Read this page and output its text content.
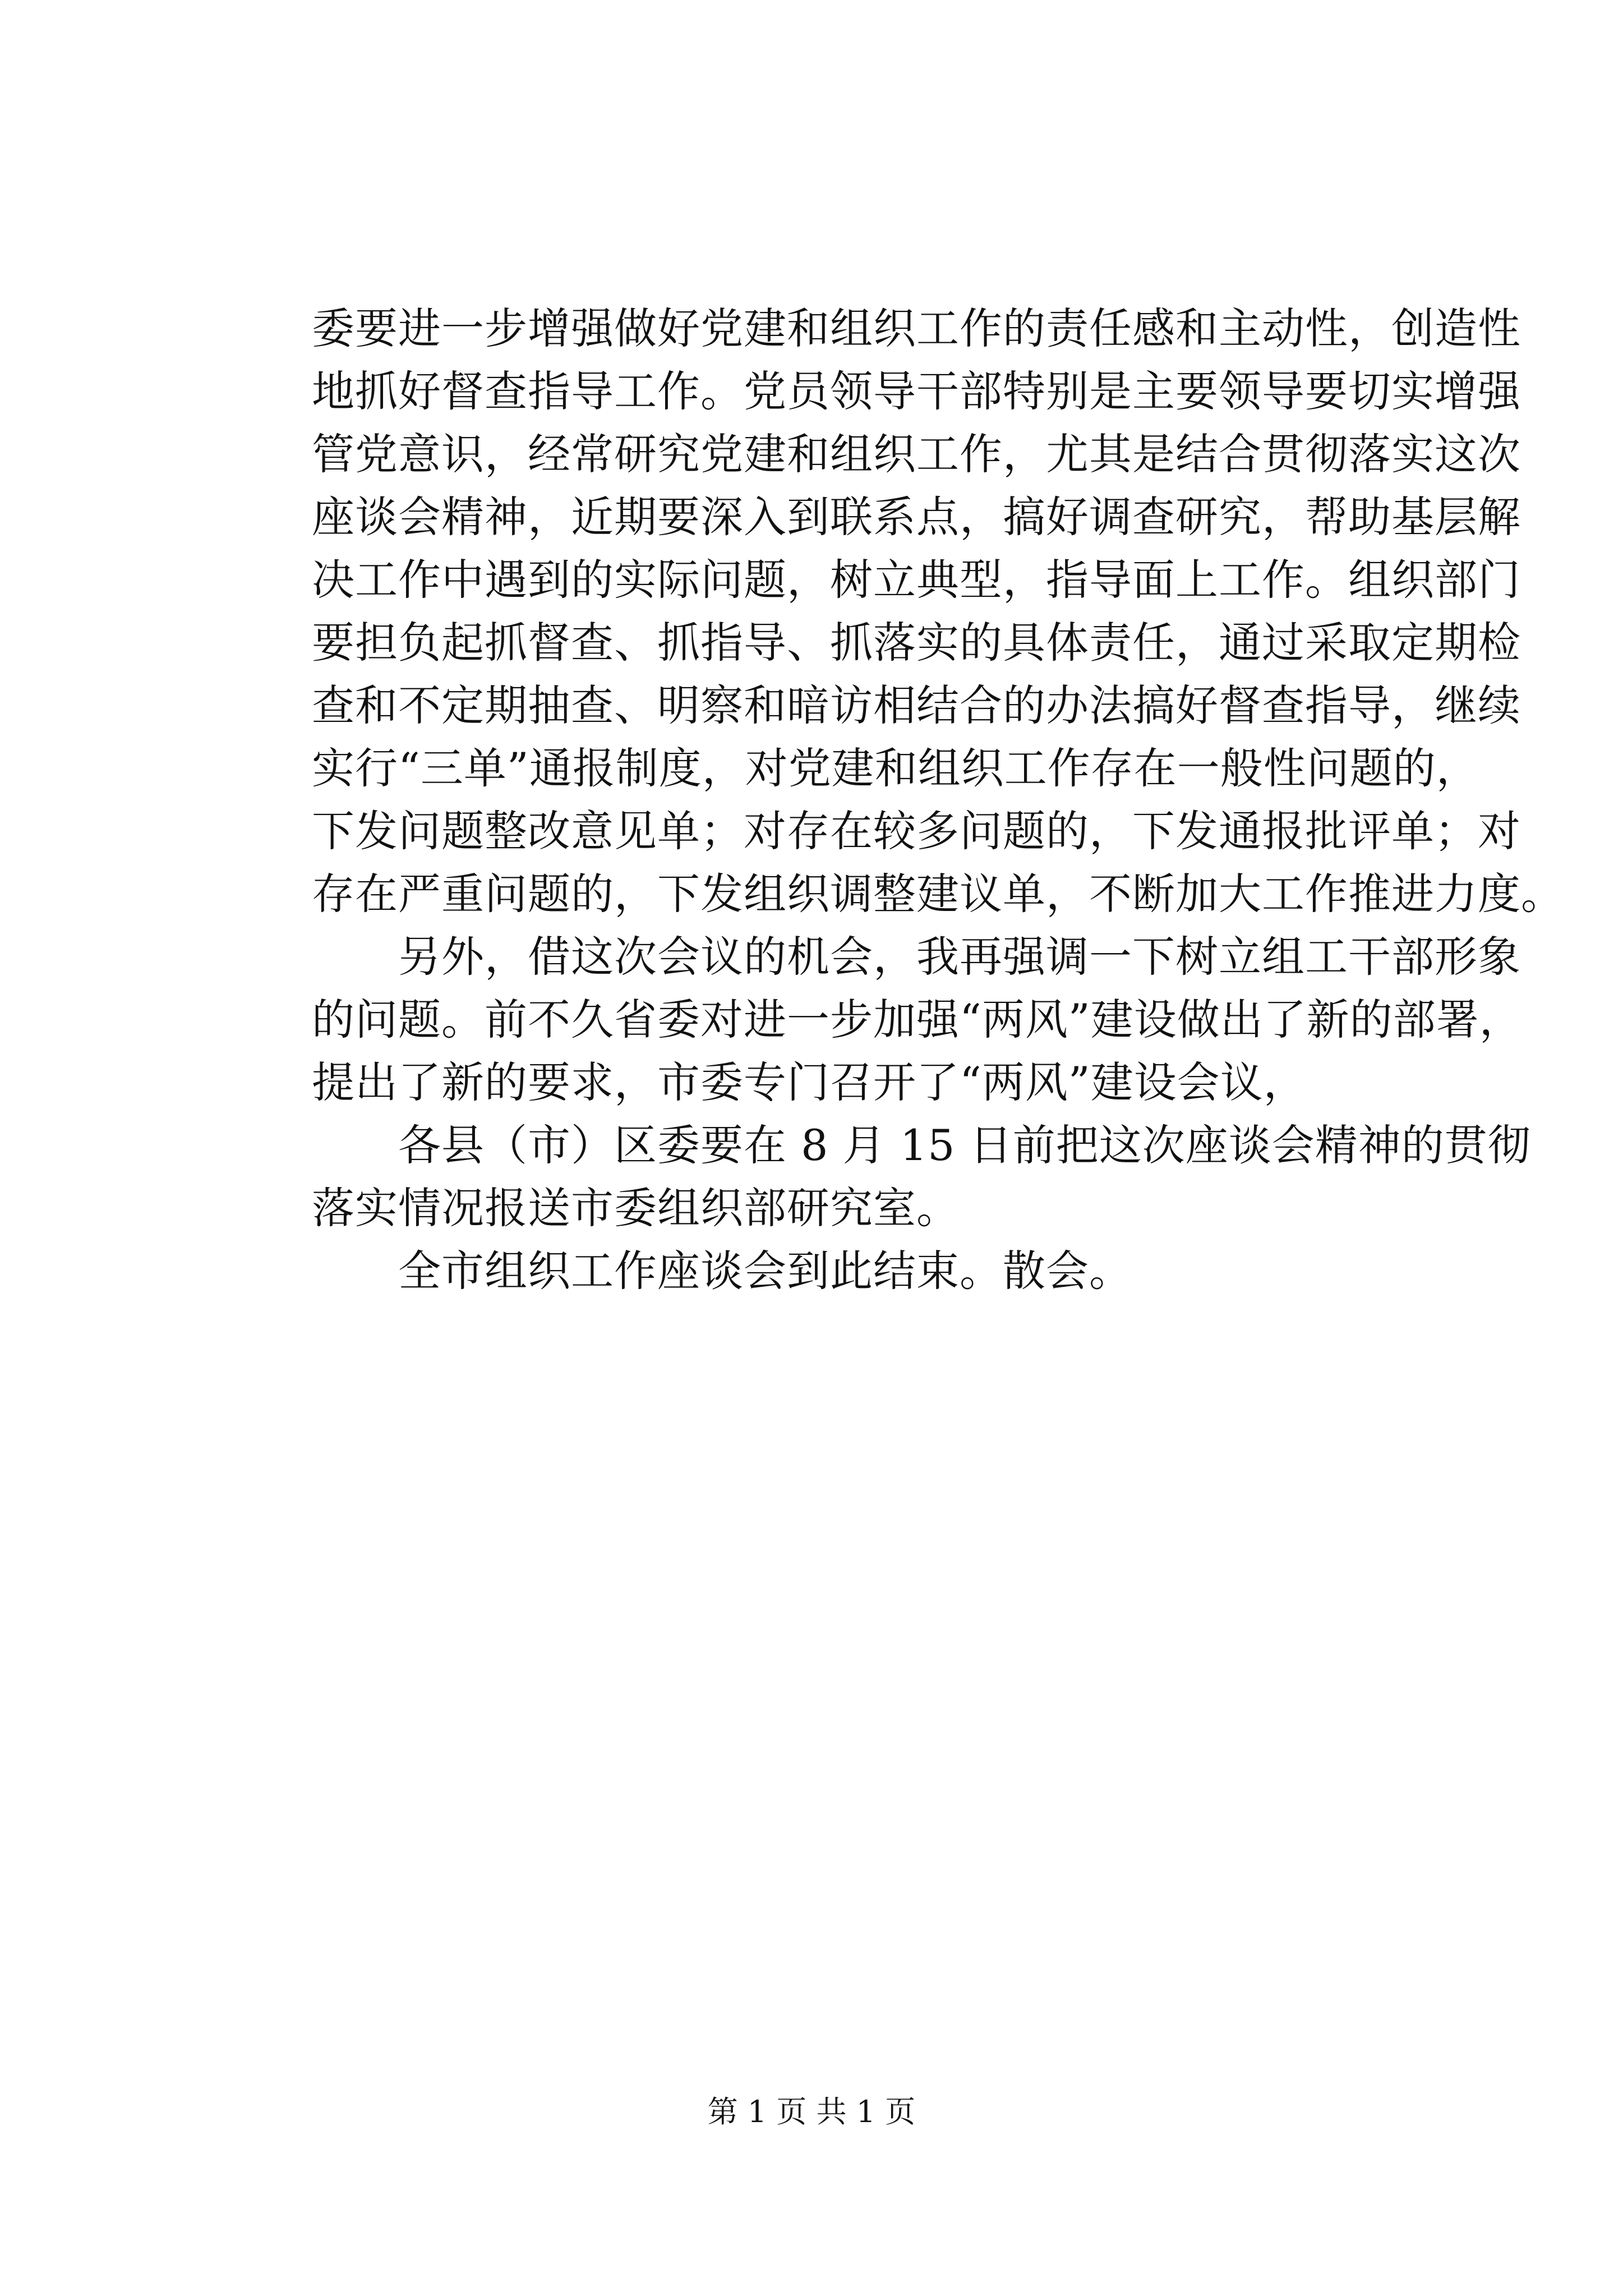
委要进一步增强做好党建和组织工作的责任感和主动性，创造性

地抓好督查指导工作。党员领导干部特别是主要领导要切实增强

管党意识，经常研究党建和组织工作，尤其是结合贯彻落实这次

座谈会精神，近期要深入到联系点，搞好调查研究，帮助基层解

决工作中遇到的实际问题，树立典型，指导面上工作。组织部门

要担负起抓督查、抓指导、抓落实的具体责任，通过采取定期检

查和不定期抽查、明察和暗访相结合的办法搞好督查指导，继续

实行“三单”通报制度，对党建和组织工作存在一般性问题的，

下发问题整改意见单；对存在较多问题的，下发通报批评单；对

存在严重问题的，下发组织调整建议单，不断加大工作推进力度。

　　另外，借这次会议的机会，我再强调一下树立组工干部形象

的问题。前不久省委对进一步加强“两风”建设做出了新的部署，

提出了新的要求，市委专门召开了“两风”建设会议，

　　各县（市）区委要在 8 月 15 日前把这次座谈会精神的贯彻

落实情况报送市委组织部研究室。

　　全市组织工作座谈会到此结束。散会。

第 1 页 共 1 页
